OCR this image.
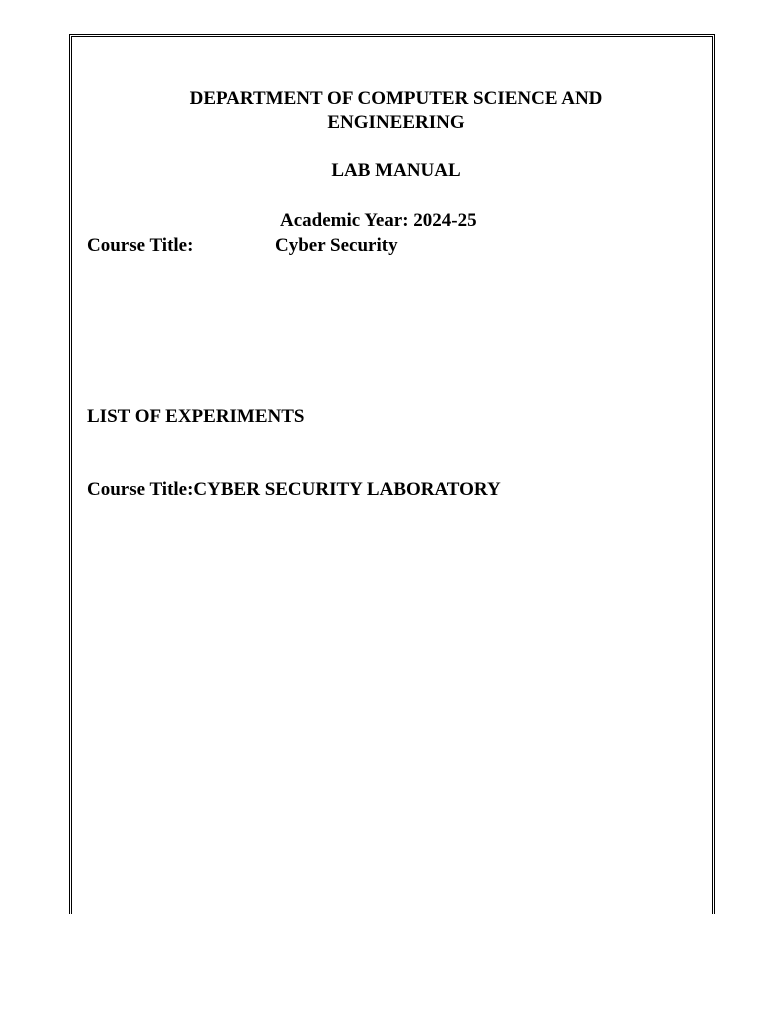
DEPARTMENT OF COMPUTER SCIENCE AND
ENGINEERING
LAB MANUAL
Academic Year: 2024-25
Course Title:	Cyber Security
LIST OF EXPERIMENTS
Course Title:CYBER SECURITY LABORATORY
